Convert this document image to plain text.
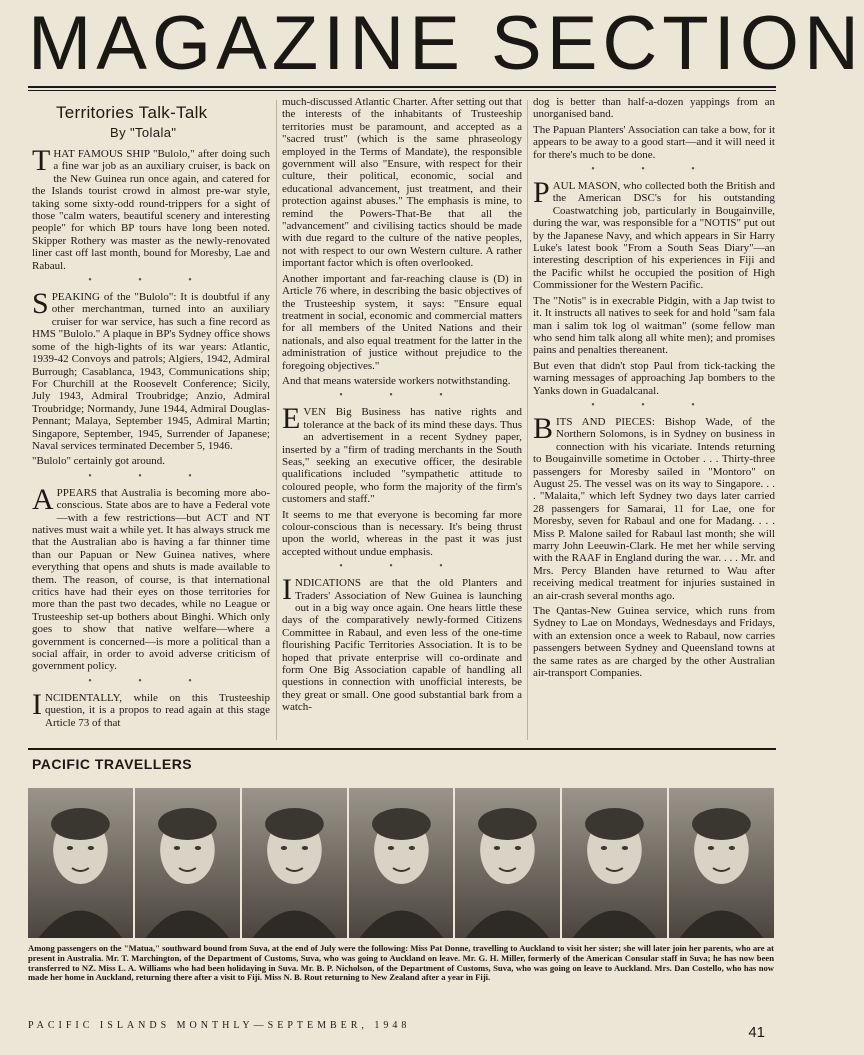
MAGAZINE SECTION
Territories Talk-Talk
By "Tolala"

THAT FAMOUS SHIP "Bulolo," after doing such a fine war job as an auxiliary cruiser, is back on the New Guinea run once again, and catered for the Islands tourist crowd in almost pre-war style, taking some sixty-odd round-trippers for a sight of those "calm waters, beautiful scenery and interesting people" for which BP tours have long been noted. Skipper Rothery was master as the newly-renovated liner cast off last month, bound for Moresby, Lae and Rabaul.

• • •

SPEAKING of the "Bulolo": It is doubtful if any other merchantman, turned into an auxiliary cruiser for war service, has such a fine record as HMS "Bulolo." A plaque in BP's Sydney office shows some of the high-lights of its war years: Atlantic, 1939-42 Convoys and patrols; Algiers, 1942, Admiral Burrough; Casablanca, 1943, Communications ship; For Churchill at the Roosevelt Conference; Sicily, July 1943, Admiral Troubridge; Anzio, Admiral Troubridge; Normandy, June 1944, Admiral Douglas-Pennant; Malaya, September 1945, Admiral Martin; Singapore, September, 1945, Surrender of Japanese; Naval services terminated December 5, 1946.

"Bulolo" certainly got around.

• • •

APPEARS that Australia is becoming more abo-conscious. State abos are to have a Federal vote—with a few restrictions—but ACT and NT natives must wait a while yet. It has always struck me that the Australian abo is having a far thinner time than our Papuan or New Guinea natives, where everything that opens and shuts is made available to them. The reason, of course, is that international critics have had their eyes on those territories for more than the past two decades, while no League or Trusteeship set-up bothers about Binghi. Which only goes to show that native welfare—where a government is concerned—is more a political than a social affair, in order to avoid adverse criticism of government policy.

• • •

INCIDENTALLY, while on this Trusteeship question, it is a propos to read again at this stage Article 73 of that

much-discussed Atlantic Charter. After setting out that the interests of the inhabitants of Trusteeship territories must be paramount, and accepted as a "sacred trust" (which is the same phraseology employed in the Terms of Mandate), the responsible government will also "Ensure, with respect for their culture, their political, economic, social and educational advancement, just treatment, and their protection against abuses." The emphasis is mine, to remind the Powers-That-Be that all the "advancement" and civilising tactics should be made with due regard to the culture of the native peoples, not with respect to our own Western culture. A rather important factor which is often overlooked.

Another important and far-reaching clause is (D) in Article 76 where, in describing the basic objectives of the Trusteeship system, it says: "Ensure equal treatment in social, economic and commercial matters for all members of the United Nations and their nationals, and also equal treatment for the latter in the administration of justice without prejudice to the foregoing objectives."

And that means waterside workers notwithstanding.

• • •

EVEN Big Business has native rights and tolerance at the back of its mind these days. Thus an advertisement in a recent Sydney paper, inserted by a "firm of trading merchants in the South Seas," seeking an executive officer, the desirable qualifications included "sympathetic attitude to coloured people, who form the majority of the firm's customers and staff."

It seems to me that everyone is becoming far more colour-conscious than is necessary. It's being thrust upon the world, whereas in the past it was just accepted without undue emphasis.

• • •

INDICATIONS are that the old Planters and Traders' Association of New Guinea is launching out in a big way once again. One hears little these days of the comparatively newly-formed Citizens Committee in Rabaul, and even less of the one-time flourishing Pacific Territories Association. It is to be hoped that private enterprise will co-ordinate and form One Big Association capable of handling all questions in connection with unofficial interests, be they great or small. One good substantial bark from a watch-

dog is better than half-a-dozen yappings from an unorganised band.

The Papuan Planters' Association can take a bow, for it appears to be away to a good start—and it will need it for there's much to be done.

• • •

PAUL MASON, who collected both the British and the American DSC's for his outstanding Coastwatching job, particularly in Bougainville, during the war, was responsible for a "NOTIS" put out by the Japanese Navy, and which appears in Sir Harry Luke's latest book "From a South Seas Diary"—an interesting description of his experiences in Fiji and the Pacific whilst he occupied the position of High Commissioner for the Western Pacific.

The "Notis" is in execrable Pidgin, with a Jap twist to it. It instructs all natives to seek for and hold "sam fala man i salim tok log ol waitman" (some fellow man who send him talk along all white men); and promises pains and penalties thereanent.

But even that didn't stop Paul from tick-tacking the warning messages of approaching Jap bombers to the Yanks down in Guadalcanal.

• • •

BITS AND PIECES: Bishop Wade, of the Northern Solomons, is in Sydney on business in connection with his vicariate. Intends returning to Bougainville sometime in October . . . Thirty-three passengers for Moresby sailed in "Montoro" on August 25. The vessel was on its way to Singapore. . . . "Malaita," which left Sydney two days later carried 28 passengers for Samarai, 11 for Lae, one for Moresby, seven for Rabaul and one for Madang. . . . Miss P. Malone sailed for Rabaul last month; she will marry John Leeuwin-Clark. He met her while serving with the RAAF in England during the war. . . . Mr. and Mrs. Percy Blanden have returned to Wau after receiving medical treatment for injuries sustained in an air-crash several months ago.

The Qantas-New Guinea service, which runs from Sydney to Lae on Mondays, Wednesdays and Fridays, with an extension once a week to Rabaul, now carries passengers between Sydney and Queensland towns at the same rates as are charged by the other Australian air-transport Companies.

PACIFIC TRAVELLERS
Among passengers on the "Matua," southward bound from Suva, at the end of July were the following: Miss Pat Donne, travelling to Auckland to visit her sister; she will later join her parents, who are at present in Australia. Mr. T. Marchington, of the Department of Customs, Suva, who was going to Auckland on leave. Mr. G. H. Miller, formerly of the American Consular staff in Suva; he has now been transferred to NZ. Miss L. A. Williams who had been holidaying in Suva. Mr. B. P. Nicholson, of the Department of Customs, Suva, who was going on leave to Auckland. Mrs. Dan Costello, who has now made her home in Auckland, returning there after a visit to Fiji. Miss N. B. Rout returning to New Zealand after a year in Fiji.
PACIFIC ISLANDS MONTHLY—SEPTEMBER, 1948	41
